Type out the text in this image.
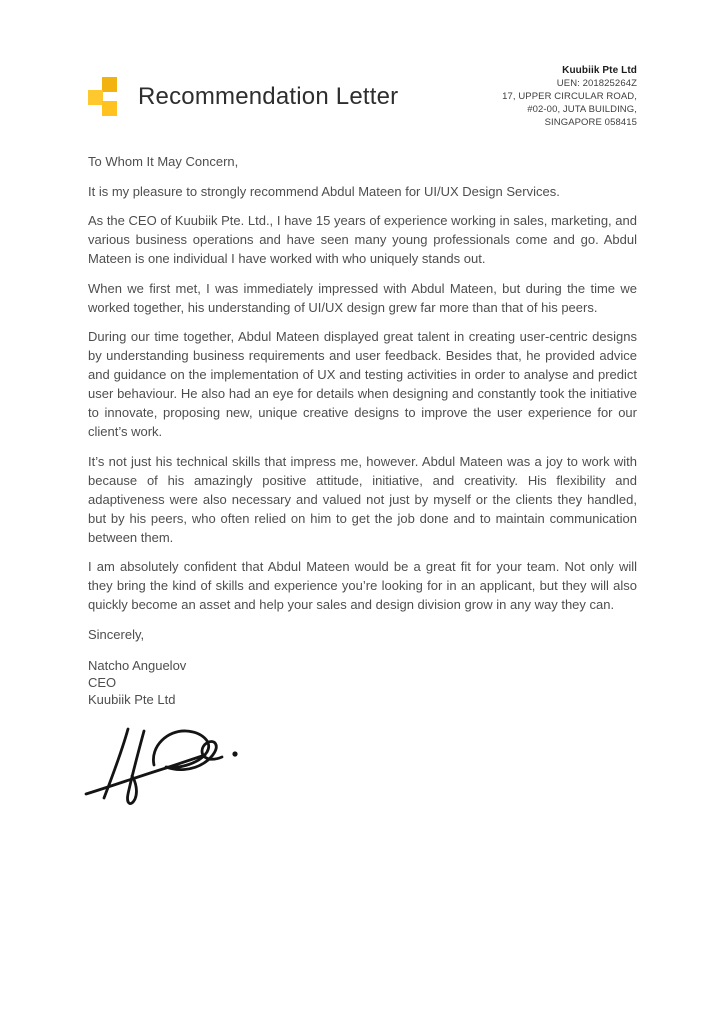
Recommendation Letter
Kuubiik Pte Ltd
UEN: 201825264Z
17, UPPER CIRCULAR ROAD,
#02-00, JUTA BUILDING,
SINGAPORE 058415

To Whom It May Concern,

It is my pleasure to strongly recommend Abdul Mateen for UI/UX Design Services.

As the CEO of Kuubiik Pte. Ltd., I have 15 years of experience working in sales, marketing, and various business operations and have seen many young professionals come and go. Abdul Mateen is one individual I have worked with who uniquely stands out.

When we first met, I was immediately impressed with Abdul Mateen, but during the time we worked together, his understanding of UI/UX design grew far more than that of his peers.

During our time together, Abdul Mateen displayed great talent in creating user-centric designs by understanding business requirements and user feedback. Besides that, he provided advice and guidance on the implementation of UX and testing activities in order to analyse and predict user behaviour. He also had an eye for details when designing and constantly took the initiative to innovate, proposing new, unique creative designs to improve the user experience for our client’s work.

It’s not just his technical skills that impress me, however. Abdul Mateen was a joy to work with because of his amazingly positive attitude, initiative, and creativity. His flexibility and adaptiveness were also necessary and valued not just by myself or the clients they handled, but by his peers, who often relied on him to get the job done and to maintain communication between them.

I am absolutely confident that Abdul Mateen would be a great fit for your team. Not only will they bring the kind of skills and experience you’re looking for in an applicant, but they will also quickly become an asset and help your sales and design division grow in any way they can.

Sincerely,

Natcho Anguelov
CEO
Kuubiik Pte Ltd
